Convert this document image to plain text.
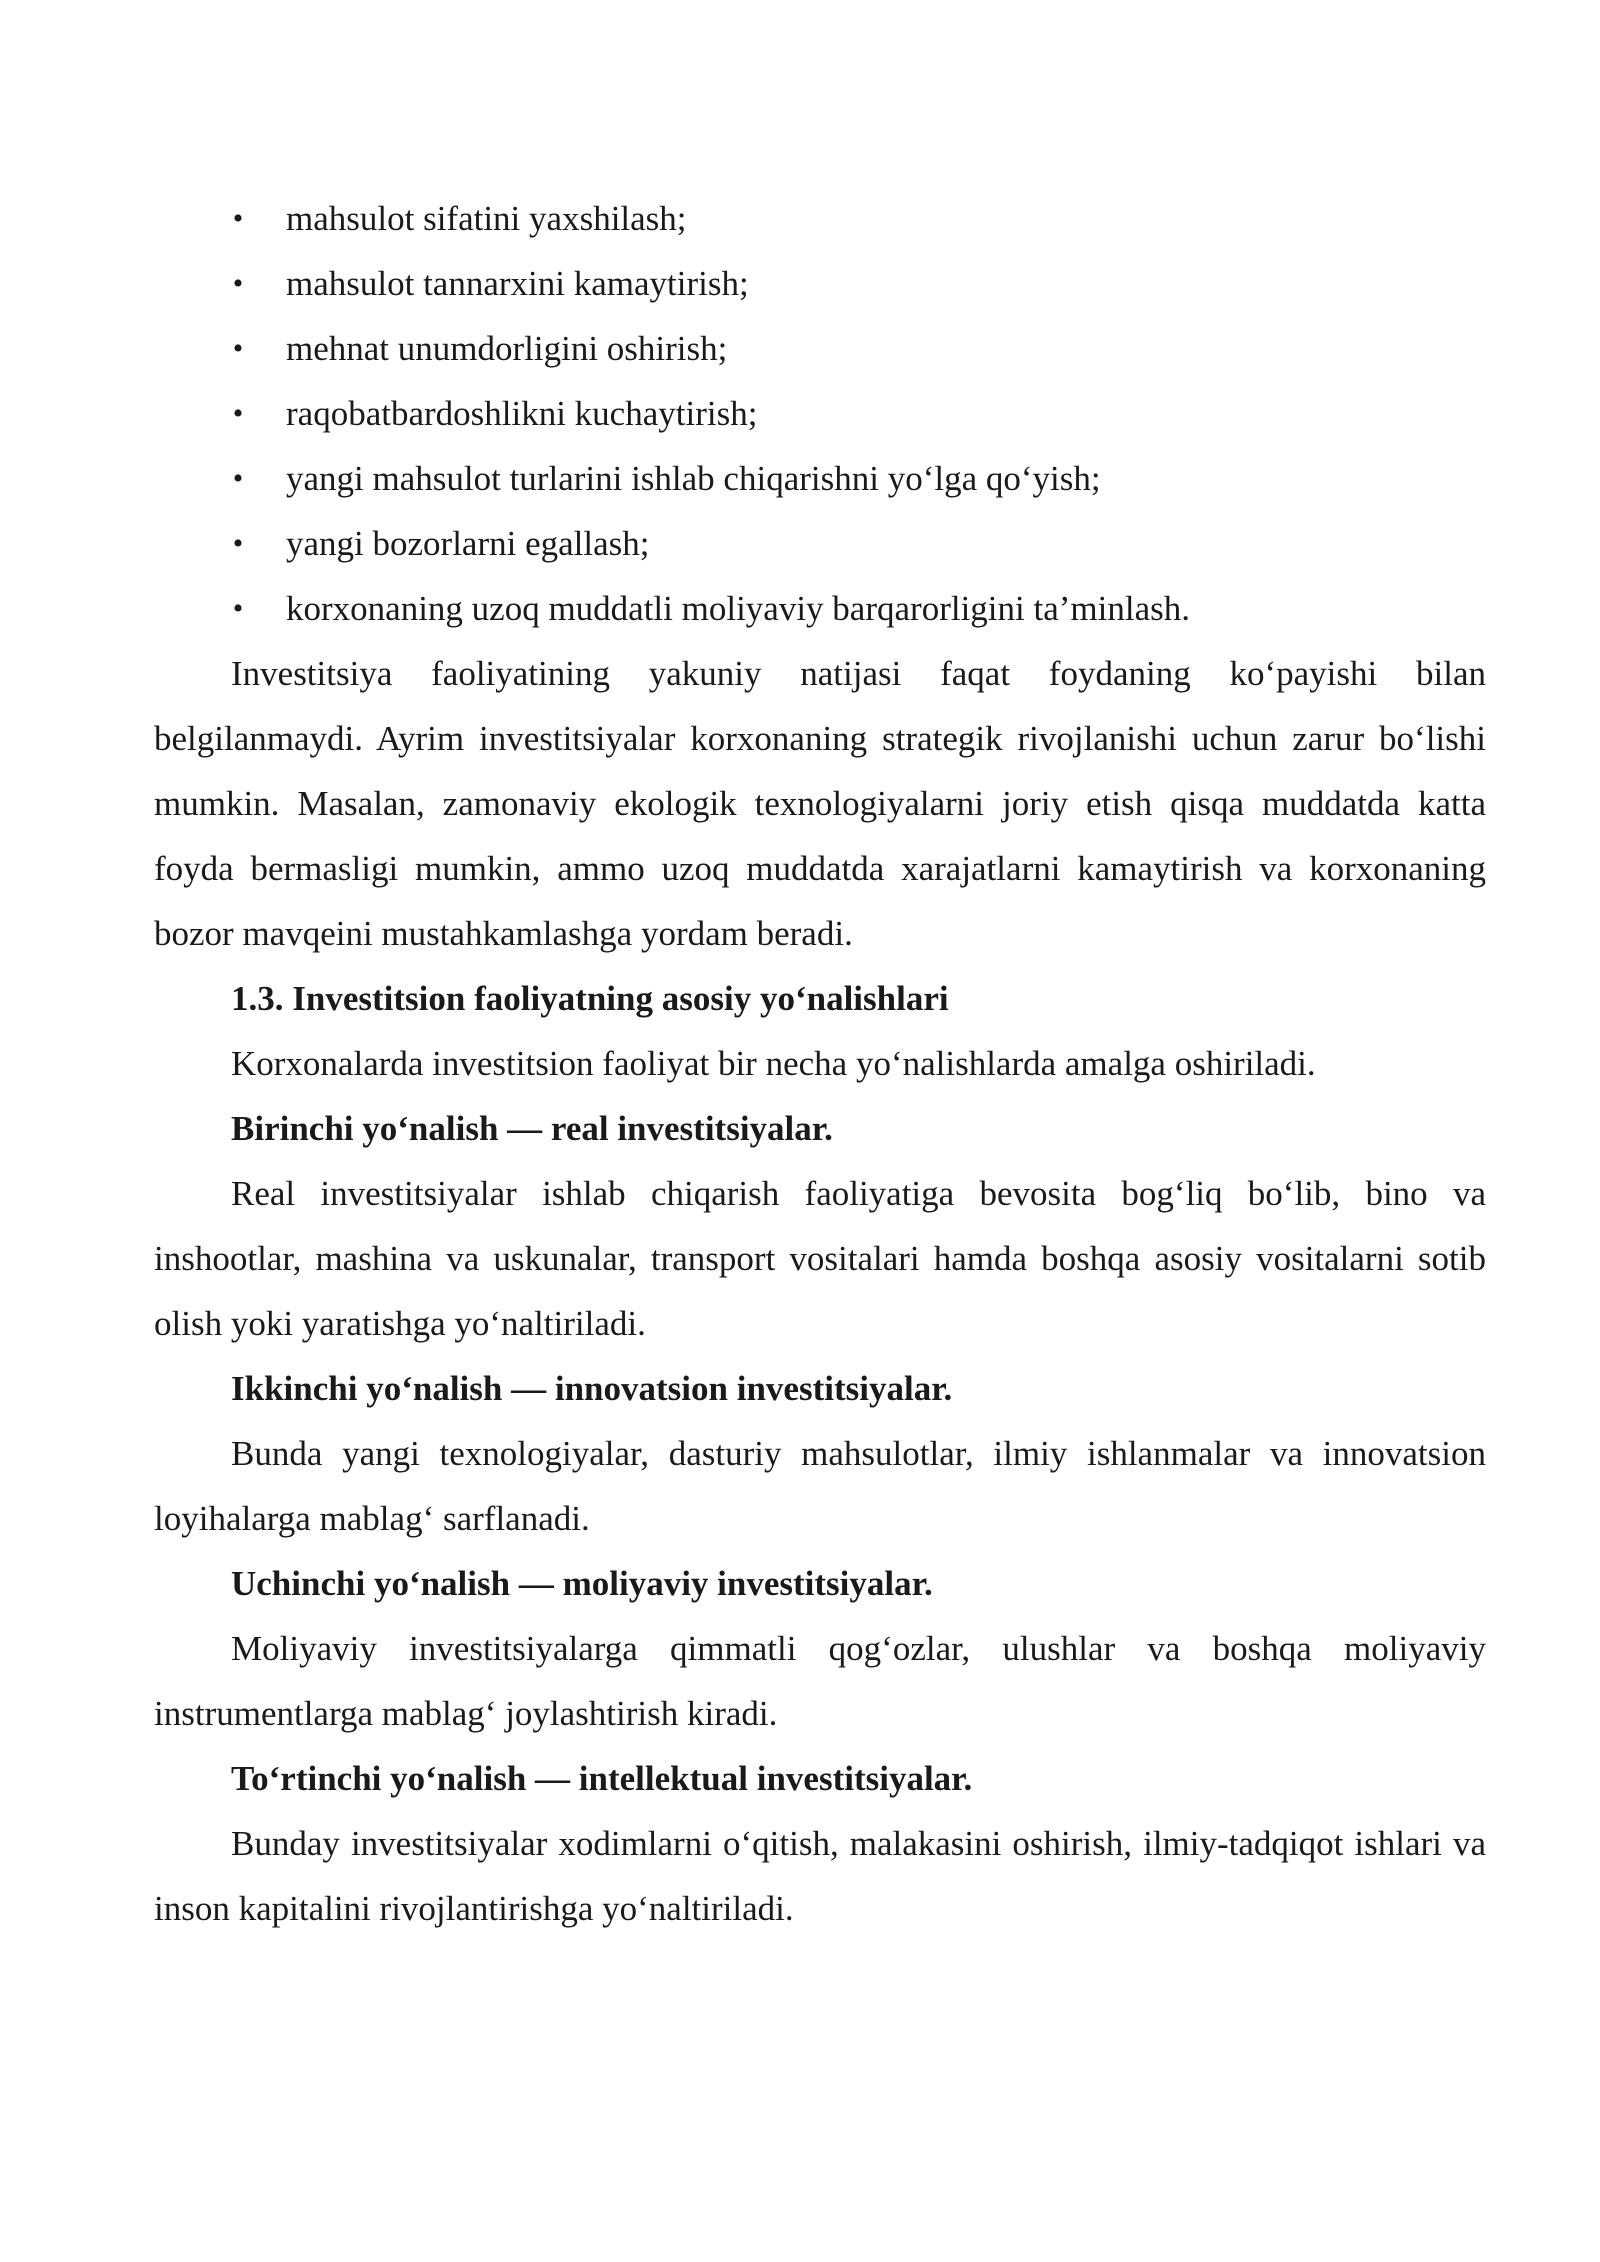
• mahsulot sifatini yaxshilash;
• mahsulot tannarxini kamaytirish;
• mehnat unumdorligini oshirish;
• raqobatbardoshlikni kuchaytirish;
• yangi mahsulot turlarini ishlab chiqarishni yo‘lga qo‘yish;
• yangi bozorlarni egallash;
• korxonaning uzoq muddatli moliyaviy barqarorligini ta’minlash.

Investitsiya faoliyatining yakuniy natijasi faqat foydaning ko‘payishi bilan belgilanmaydi. Ayrim investitsiyalar korxonaning strategik rivojlanishi uchun zarur bo‘lishi mumkin. Masalan, zamonaviy ekologik texnologiyalarni joriy etish qisqa muddatda katta foyda bermasligi mumkin, ammo uzoq muddatda xarajatlarni kamaytirish va korxonaning bozor mavqeini mustahkamlashga yordam beradi.

1.3. Investitsion faoliyatning asosiy yo‘nalishlari

Korxonalarda investitsion faoliyat bir necha yo‘nalishlarda amalga oshiriladi.

Birinchi yo‘nalish — real investitsiyalar.

Real investitsiyalar ishlab chiqarish faoliyatiga bevosita bog‘liq bo‘lib, bino va inshootlar, mashina va uskunalar, transport vositalari hamda boshqa asosiy vositalarni sotib olish yoki yaratishga yo‘naltiriladi.

Ikkinchi yo‘nalish — innovatsion investitsiyalar.

Bunda yangi texnologiyalar, dasturiy mahsulotlar, ilmiy ishlanmalar va innovatsion loyihalarga mablag‘ sarflanadi.

Uchinchi yo‘nalish — moliyaviy investitsiyalar.

Moliyaviy investitsiyalarga qimmatli qog‘ozlar, ulushlar va boshqa moliyaviy instrumentlarga mablag‘ joylashtirish kiradi.

To‘rtinchi yo‘nalish — intellektual investitsiyalar.

Bunday investitsiyalar xodimlarni o‘qitish, malakasini oshirish, ilmiy-tadqiqot ishlari va inson kapitalini rivojlantirishga yo‘naltiriladi.
